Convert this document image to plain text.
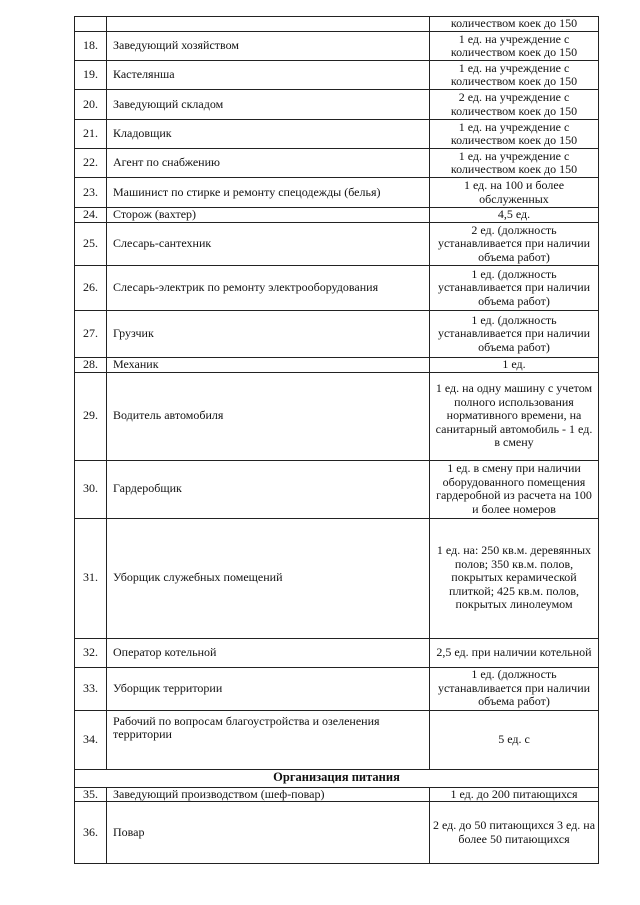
		количеством коек до 150
18.	Заведующий хозяйством	1 ед. на учреждение с количеством коек до 150
19.	Кастелянша	1 ед. на учреждение с количеством коек до 150
20.	Заведующий складом	2 ед. на учреждение с количеством коек до 150
21.	Кладовщик	1 ед. на учреждение с количеством коек до 150
22.	Агент по снабжению	1 ед. на учреждение с количеством коек до 150
23.	Машинист по стирке и ремонту спецодежды (белья)	1 ед. на 100 и более обслуженных
24.	Сторож (вахтер)	4,5 ед.
25.	Слесарь-сантехник	2 ед. (должность устанавливается при наличии объема работ)
26.	Слесарь-электрик по ремонту электрооборудования	1 ед. (должность устанавливается при наличии объема работ)
27.	Грузчик	1 ед. (должность устанавливается при наличии объема работ)
28.	Механик	1 ед.
29.	Водитель автомобиля	1 ед. на одну машину с учетом полного использования нормативного времени, на санитарный автомобиль - 1 ед. в смену
30.	Гардеробщик	1 ед. в смену при наличии оборудованного помещения гардеробной из расчета на 100 и более номеров
31.	Уборщик служебных помещений	1 ед. на: 250 кв.м. деревянных полов; 350 кв.м. полов, покрытых керамической плиткой; 425 кв.м. полов, покрытых линолеумом
32.	Оператор котельной	2,5 ед. при наличии котельной
33.	Уборщик территории	1 ед. (должность устанавливается при наличии объема работ)
34.	Рабочий по вопросам благоустройства и озеленения территории	5 ед. с
Организация питания		
35.	Заведующий производством (шеф-повар)	1 ед. до 200 питающихся
36.	Повар	2 ед. до 50 питающихся 3 ед. на более 50 питающихся
